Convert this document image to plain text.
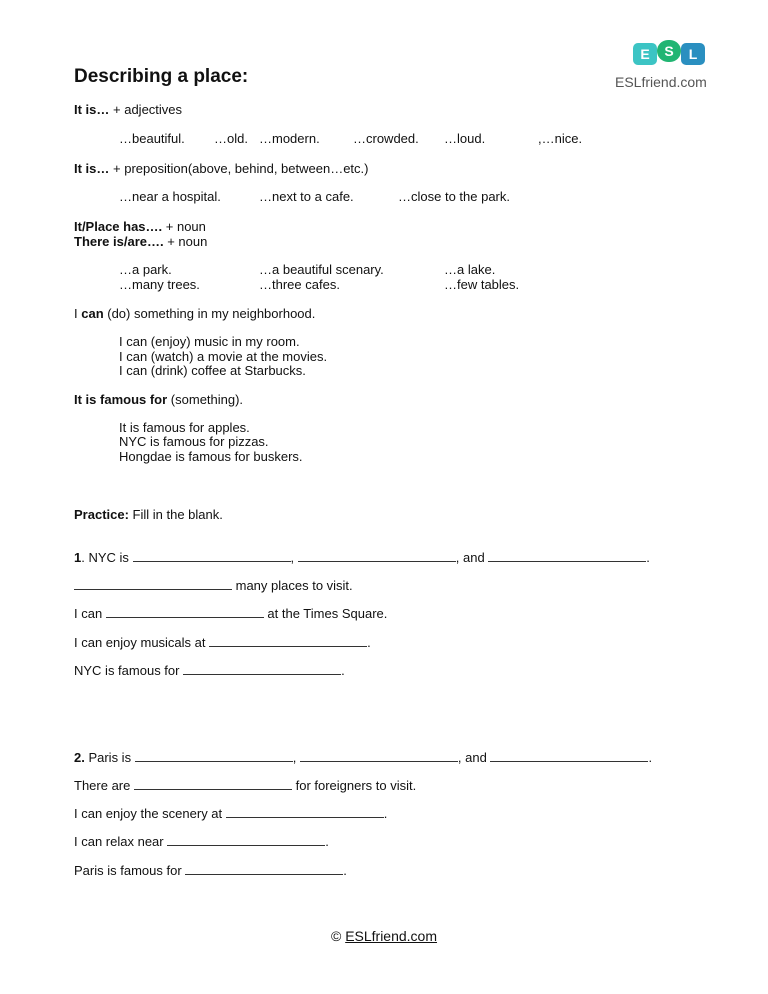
Describing a place:
E	S	L
ESLfriend.com
It is… + adjectives
…beautiful. …old. …modern.	…crowded. …loud.	,…nice.
It is… + preposition(above, behind, between…etc.)
…near a hospital.	…next to a cafe.	…close to the park.
It/Place has…. + noun
There is/are…. + noun
…a park.	…a beautiful scenary.	…a lake.
…many trees.	…three cafes.	…few tables.
I can (do) something in my neighborhood.
I can (enjoy) music in my room.
I can (watch) a movie at the movies.
I can (drink) coffee at Starbucks.
It is famous for (something).
It is famous for apples.
NYC is famous for pizzas.
Hongdae is famous for buskers.
Practice: Fill in the blank.
1. NYC is	,	, and	.
many places to visit.
I can	at the Times Square.
I can enjoy musicals at	.
NYC is famous for	.
2. Paris is	,	, and	.
There are	for foreigners to visit.
I can enjoy the scenery at	.
I can relax near	.
Paris is famous for	.
© ESLfriend.com
